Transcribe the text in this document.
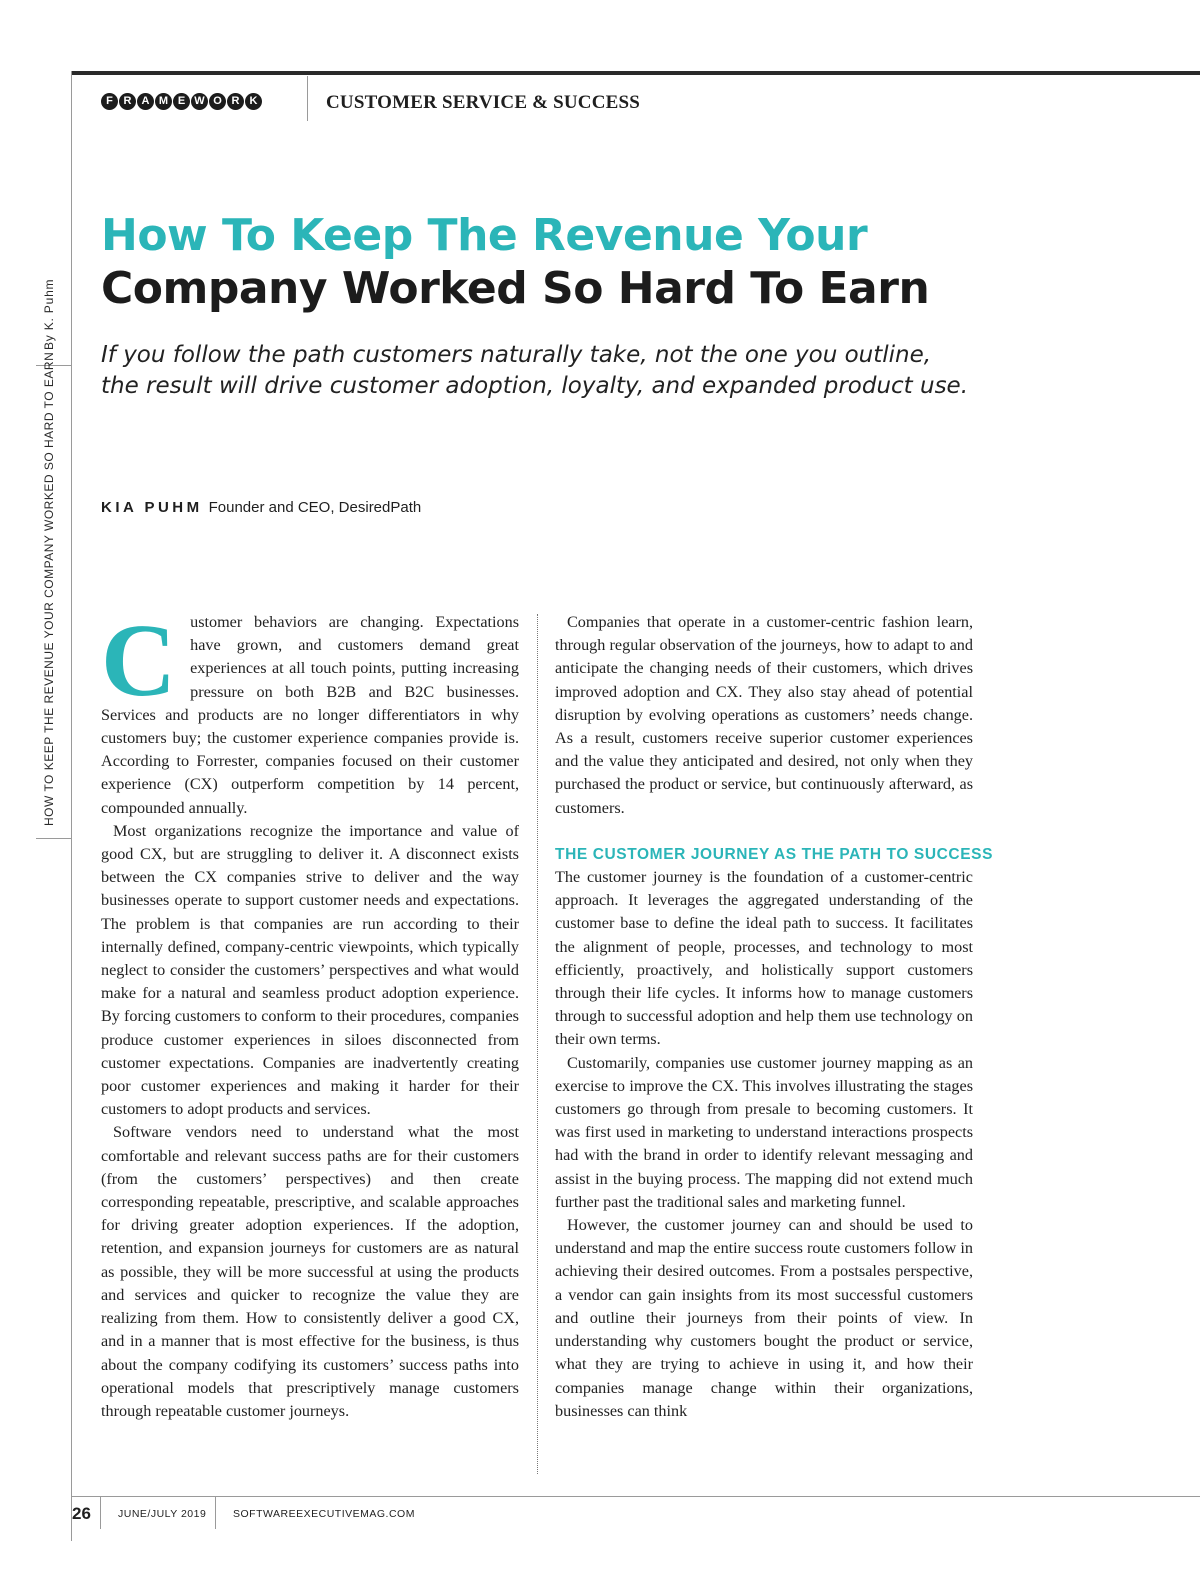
F R A M E W O R K	CUSTOMER SERVICE & SUCCESS
By K. Puhm
HOW TO KEEP THE REVENUE YOUR COMPANY WORKED SO HARD TO EARN
How To Keep The Revenue Your
Company Worked So Hard To Earn
If you follow the path customers naturally take, not the one you outline,
the result will drive customer adoption, loyalty, and expanded product use.
KIA PUHM Founder and CEO, DesiredPath

Customer behaviors are changing. Expectations have grown, and customers demand great experiences at all touch points, putting increasing pressure on both B2B and B2C businesses. Services and products are no longer differentiators in why customers buy; the customer experience companies provide is. According to Forrester, companies focused on their customer experience (CX) outperform competition by 14 percent, compounded annually.

Most organizations recognize the importance and value of good CX, but are struggling to deliver it. A disconnect exists between the CX companies strive to deliver and the way businesses operate to support customer needs and expectations. The problem is that companies are run according to their internally defined, company-centric viewpoints, which typically neglect to consider the customers’ perspectives and what would make for a natural and seamless product adoption experience. By forcing customers to conform to their procedures, companies produce customer experiences in siloes disconnected from customer expectations. Companies are inadvertently creating poor customer experiences and making it harder for their customers to adopt products and services.

Software vendors need to understand what the most comfortable and relevant success paths are for their customers (from the customers’ perspectives) and then create corresponding repeatable, prescriptive, and scalable approaches for driving greater adoption experiences. If the adoption, retention, and expansion journeys for customers are as natural as possible, they will be more successful at using the products and services and quicker to recognize the value they are realizing from them. How to consistently deliver a good CX, and in a manner that is most effective for the business, is thus about the company codifying its customers’ success paths into operational models that prescriptively manage customers through repeatable customer journeys.

Companies that operate in a customer-centric fashion learn, through regular observation of the journeys, how to adapt to and anticipate the changing needs of their customers, which drives improved adoption and CX. They also stay ahead of potential disruption by evolving operations as customers’ needs change. As a result, customers receive superior customer experiences and the value they anticipated and desired, not only when they purchased the product or service, but continuously afterward, as customers.

THE CUSTOMER JOURNEY AS THE PATH TO SUCCESS

The customer journey is the foundation of a customer-centric approach. It leverages the aggregated understanding of the customer base to define the ideal path to success. It facilitates the alignment of people, processes, and technology to most efficiently, proactively, and holistically support customers through their life cycles. It informs how to manage customers through to successful adoption and help them use technology on their own terms.

Customarily, companies use customer journey mapping as an exercise to improve the CX. This involves illustrating the stages customers go through from presale to becoming customers. It was first used in marketing to understand interactions prospects had with the brand in order to identify relevant messaging and assist in the buying process. The mapping did not extend much further past the traditional sales and marketing funnel.

However, the customer journey can and should be used to understand and map the entire success route customers follow in achieving their desired outcomes. From a postsales perspective, a vendor can gain insights from its most successful customers and outline their journeys from their points of view. In understanding why customers bought the product or service, what they are trying to achieve in using it, and how their companies manage change within their organizations, businesses can think

26	JUNE/JULY 2019	SOFTWAREEXECUTIVEMAG.COM
